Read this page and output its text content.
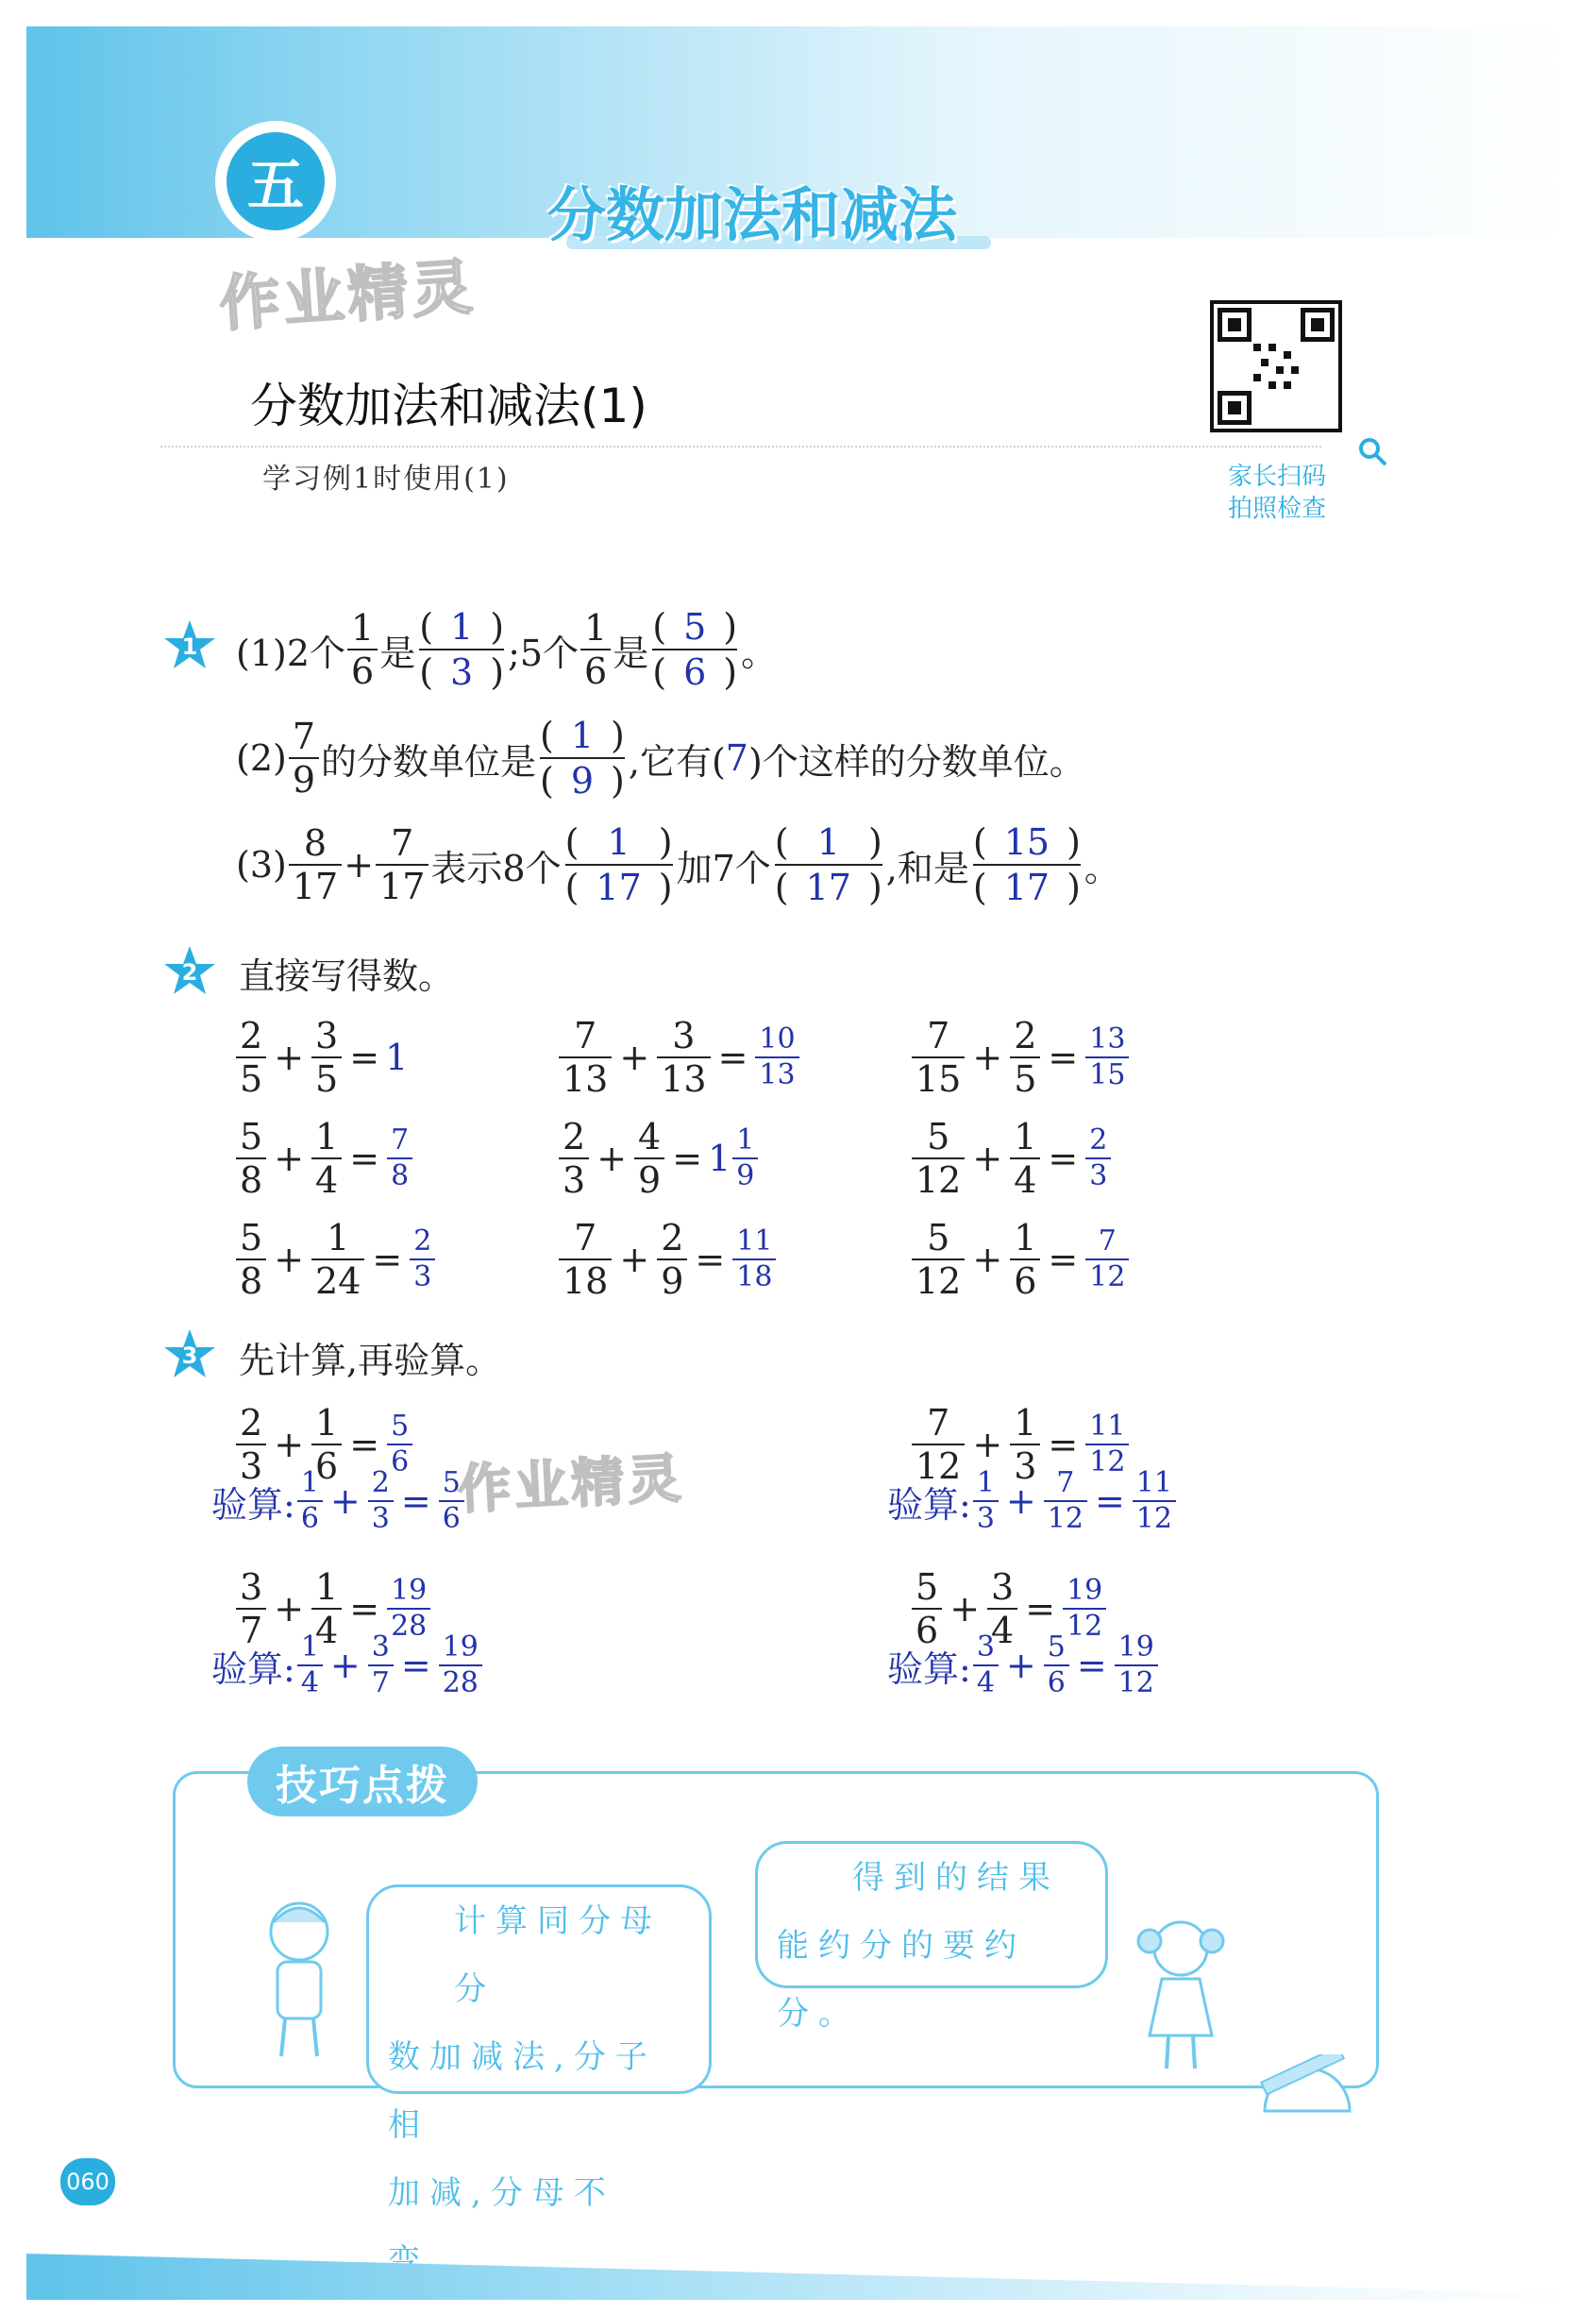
五	分数加法和减法
作业精灵
分数加法和减法(1)
学习例1时使用(1)	家长扫码
拍照检查
1 (1)2个 $\frac{1}{6}$ 是 $\frac{( 1 )}{( 3 )}$ ;5个 $\frac{1}{6}$ 是 $\frac{( 5 )}{( 6 )}$ 。
$(2) \frac{7}{9}$ 的分数单位是 $\frac{( 1 )}{( 9 )}$ ,它有( 7 )个这样的分数单位。
$(3) \frac{8}{17} + \frac{7}{17}$ 表示8个 $\frac{( 1 )}{( 17 )}$ 加7个 $\frac{( 1 )}{( 17 )}$ ,和是 $\frac{( 15 )}{( 17 )}$ 。
2 直接写得数。
$\frac{2}{5} + \frac{3}{5} = 1$	$\frac{7}{13} + \frac{3}{13} = \frac{10}{13}$	$\frac{7}{15} + \frac{2}{5} = \frac{13}{15}$
$\frac{5}{8} + \frac{1}{4} = \frac{7}{8}$	$\frac{2}{3} + \frac{4}{9} = 1 \frac{1}{9}$	$\frac{5}{12} + \frac{1}{4} = \frac{2}{3}$
$\frac{5}{8} + \frac{1}{24} = \frac{2}{3}$	$\frac{7}{18} + \frac{2}{9} = \frac{11}{18}$	$\frac{5}{12} + \frac{1}{6} = \frac{7}{12}$
3 先计算,再验算。
作业精灵
$\frac{2}{3} + \frac{1}{6} = \frac{5}{6}$
验算: $\frac{1}{6} + \frac{2}{3} = \frac{5}{6}$
$\frac{7}{12} + \frac{1}{3} = \frac{11}{12}$
验算: $\frac{1}{3} + \frac{7}{12} = \frac{11}{12}$
$\frac{3}{7} + \frac{1}{4} = \frac{19}{28}$
验算: $\frac{1}{4} + \frac{3}{7} = \frac{19}{28}$
$\frac{5}{6} + \frac{3}{4} = \frac{19}{12}$
验算: $\frac{3}{4} + \frac{5}{6} = \frac{19}{12}$
技巧点拨
计算同分母分
数加减法,分子相
加减,分母不变。
得到的结果
能约分的要约分。
060
